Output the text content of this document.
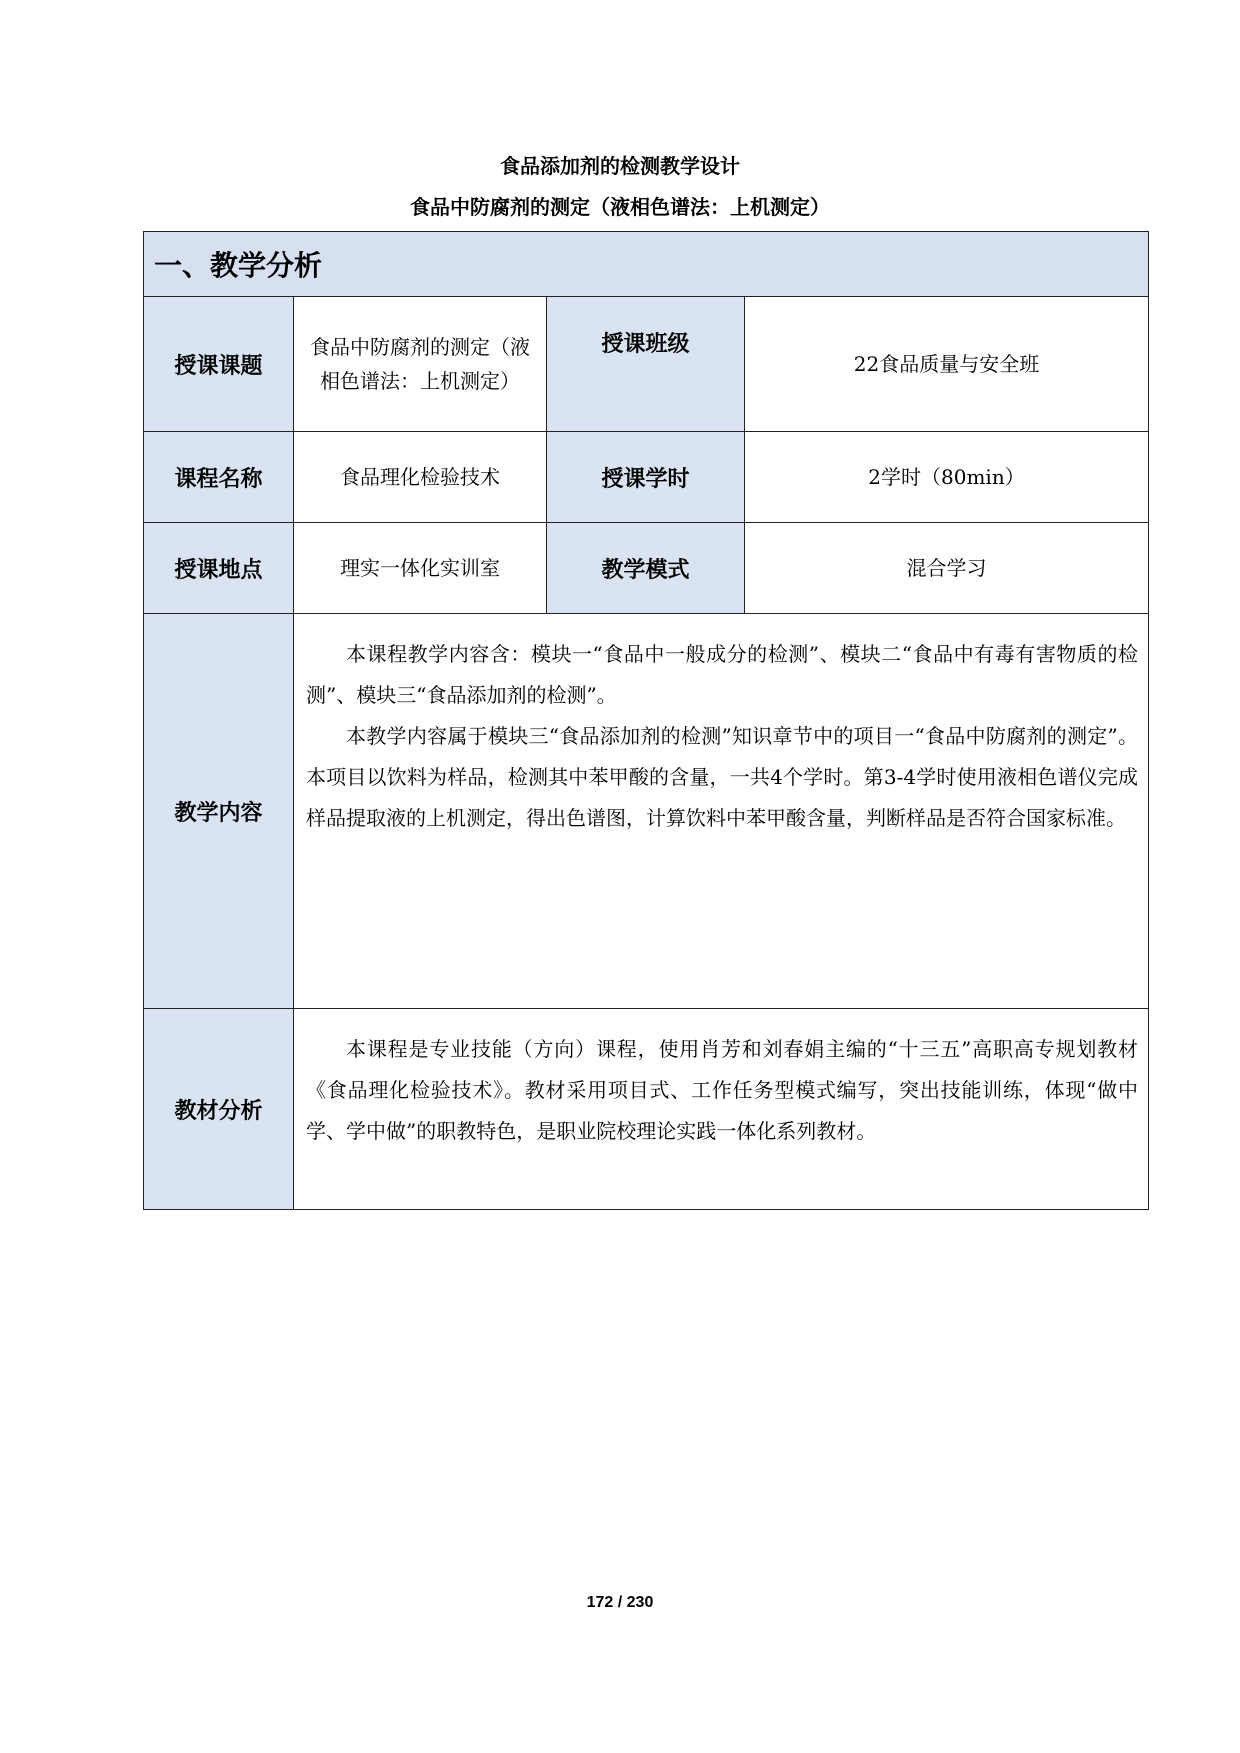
食品添加剂的检测教学设计
食品中防腐剂的测定（液相色谱法：上机测定）
一、教学分析			
授课课题	食品中防腐剂的测定（液相色谱法：上机测定）	授课班级	22食品质量与安全班
课程名称	食品理化检验技术	授课学时	2学时（80min）
授课地点	理实一体化实训室	教学模式	混合学习
教学内容	本课程教学内容含：模块一“食品中一般成分的检测”、模块二“食品中有毒有害物质的检测”、模块三“食品添加剂的检测”。

本教学内容属于模块三“食品添加剂的检测”知识章节中的项目一“食品中防腐剂的测定”。本项目以饮料为样品，检测其中苯甲酸的含量，一共4个学时。第3-4学时使用液相色谱仪完成样品提取液的上机测定，得出色谱图，计算饮料中苯甲酸含量，判断样品是否符合国家标准。		

教材分析	本课程是专业技能（方向）课程，使用肖芳和刘春娟主编的“十三五”高职高专规划教材《食品理化检验技术》。教材采用项目式、工作任务型模式编写，突出技能训练，体现“做中学、学中做”的职教特色，是职业院校理论实践一体化系列教材。		

172 / 230
